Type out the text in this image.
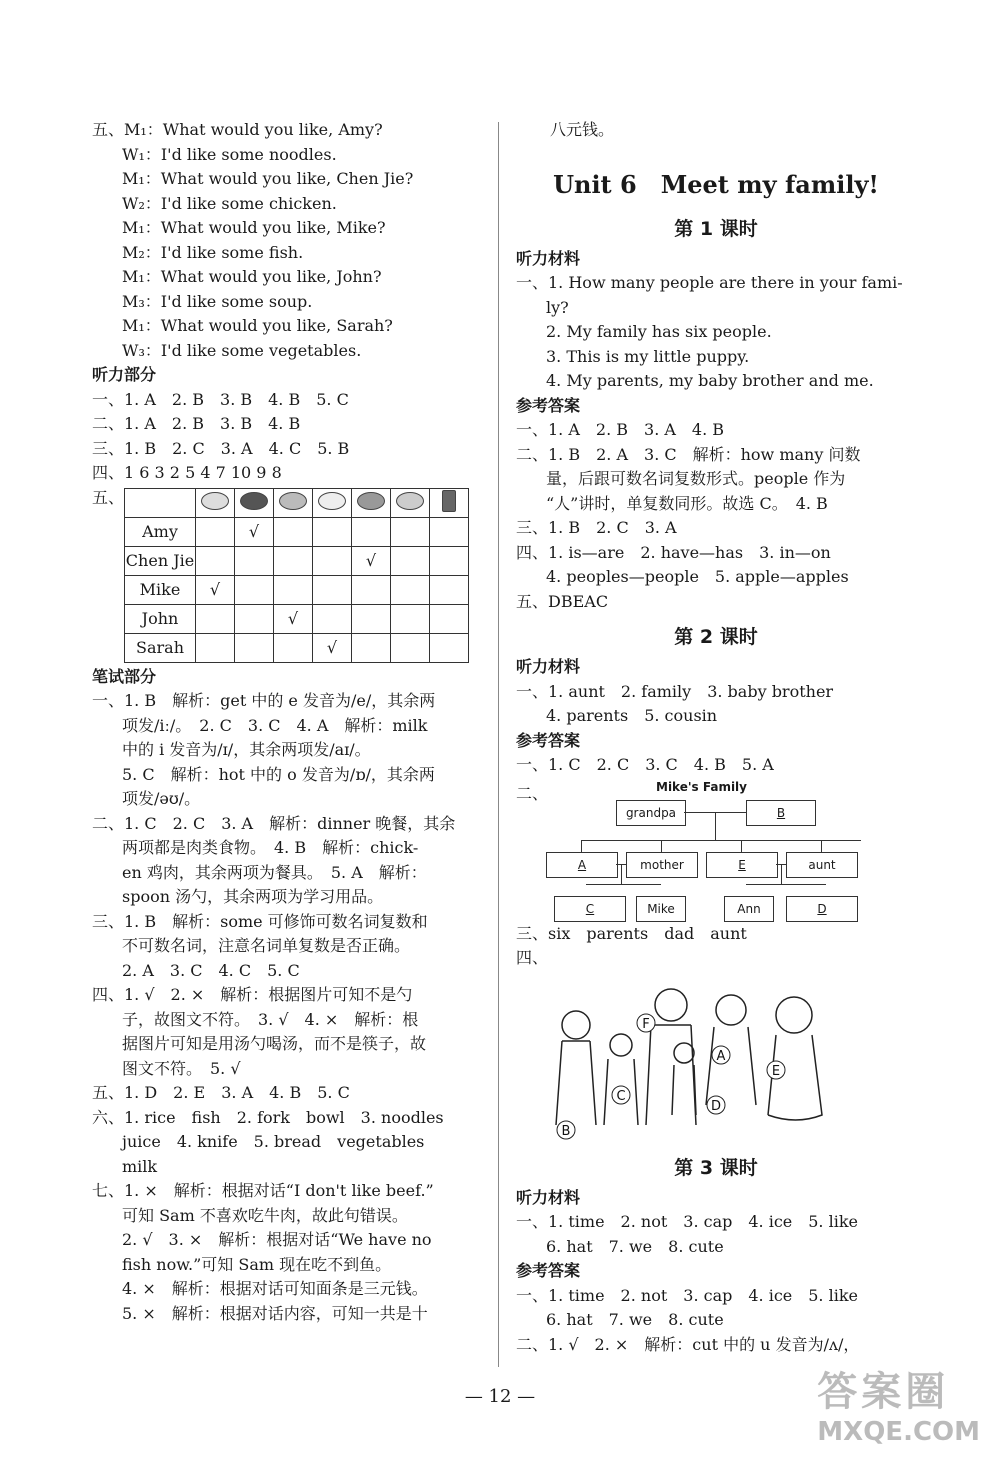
五、M₁：What would you like, Amy?
W₁：I'd like some noodles.
M₁：What would you like, Chen Jie?
W₂：I'd like some chicken.
M₁：What would you like, Mike?
M₂：I'd like some fish.
M₁：What would you like, John?
M₃：I'd like some soup.
M₁：What would you like, Sarah?
W₃：I'd like some vegetables.
听力部分
一、1. A　2. B　3. B　4. B　5. C
二、1. A　2. B　3. B　4. B
三、1. B　2. C　3. A　4. C　5. B
四、1 6 3 2 5 4 7 10 9 8
五、

Amy		√					
Chen Jie					√		
Mike	√						
John			√				
Sarah				√			
笔试部分
一、1. B　解析：get 中的 e 发音为/e/，其余两
项发/iː/。　2. C　3. C　4. A　解析：milk
中的 i 发音为/ɪ/，其余两项发/aɪ/。
5. C　解析：hot 中的 o 发音为/ɒ/，其余两
项发/əʊ/。
二、1. C　2. C　3. A　解析：dinner 晚餐，其余
两项都是肉类食物。　4. B　解析：chick-
en 鸡肉，其余两项为餐具。　5. A　解析：
spoon 汤勺，其余两项为学习用品。
三、1. B　解析：some 可修饰可数名词复数和
不可数名词，注意名词单复数是否正确。
2. A　3. C　4. C　5. C
四、1. √　2. ×　解析：根据图片可知不是勺
子，故图文不符。　3. √　4. ×　解析：根
据图片可知是用汤勺喝汤，而不是筷子，故
图文不符。　5. √
五、1. D　2. E　3. A　4. B　5. C
六、1. rice　fish　2. fork　bowl　3. noodles
juice　4. knife　5. bread　vegetables
milk
七、1. ×　解析：根据对话“I don't like beef.”
可知 Sam 不喜欢吃牛肉，故此句错误。
2. √　3. ×　解析：根据对话“We have no
fish now.”可知 Sam 现在吃不到鱼。
4. ×　解析：根据对话可知面条是三元钱。
5. ×　解析：根据对话内容，可知一共是十
八元钱。
Unit 6　Meet my family!
第 1 课时
听力材料
一、1. How many people are there in your fami-
ly?
2. My family has six people.
3. This is my little puppy.
4. My parents, my baby brother and me.
参考答案
一、1. A　2. B　3. A　4. B
二、1. B　2. A　3. C　解析：how many 问数
量，后跟可数名词复数形式。people 作为
“人”讲时，单复数同形。故选 C。　4. B
三、1. B　2. C　3. A
四、1. is—are　2. have—has　3. in—on
4. peoples—people　5. apple—apples
五、DBEAC
第 2 课时
听力材料
一、1. aunt　2. family　3. baby brother
4. parents　5. cousin
参考答案
一、1. C　2. C　3. C　4. B　5. A
二、	Mike's Family
grandpa	B
A	mother	E	aunt
C	Mike	Ann	D
三、six　parents　dad　aunt
四、
F
A
E
C
D
B
第 3 课时
听力材料
一、1. time　2. not　3. cap　4. ice　5. like
6. hat　7. we　8. cute
参考答案
一、1. time　2. not　3. cap　4. ice　5. like
6. hat　7. we　8. cute
二、1. √　2. ×　解析：cut 中的 u 发音为/ʌ/，
— 12 —	答案圈
MXQE.COM
